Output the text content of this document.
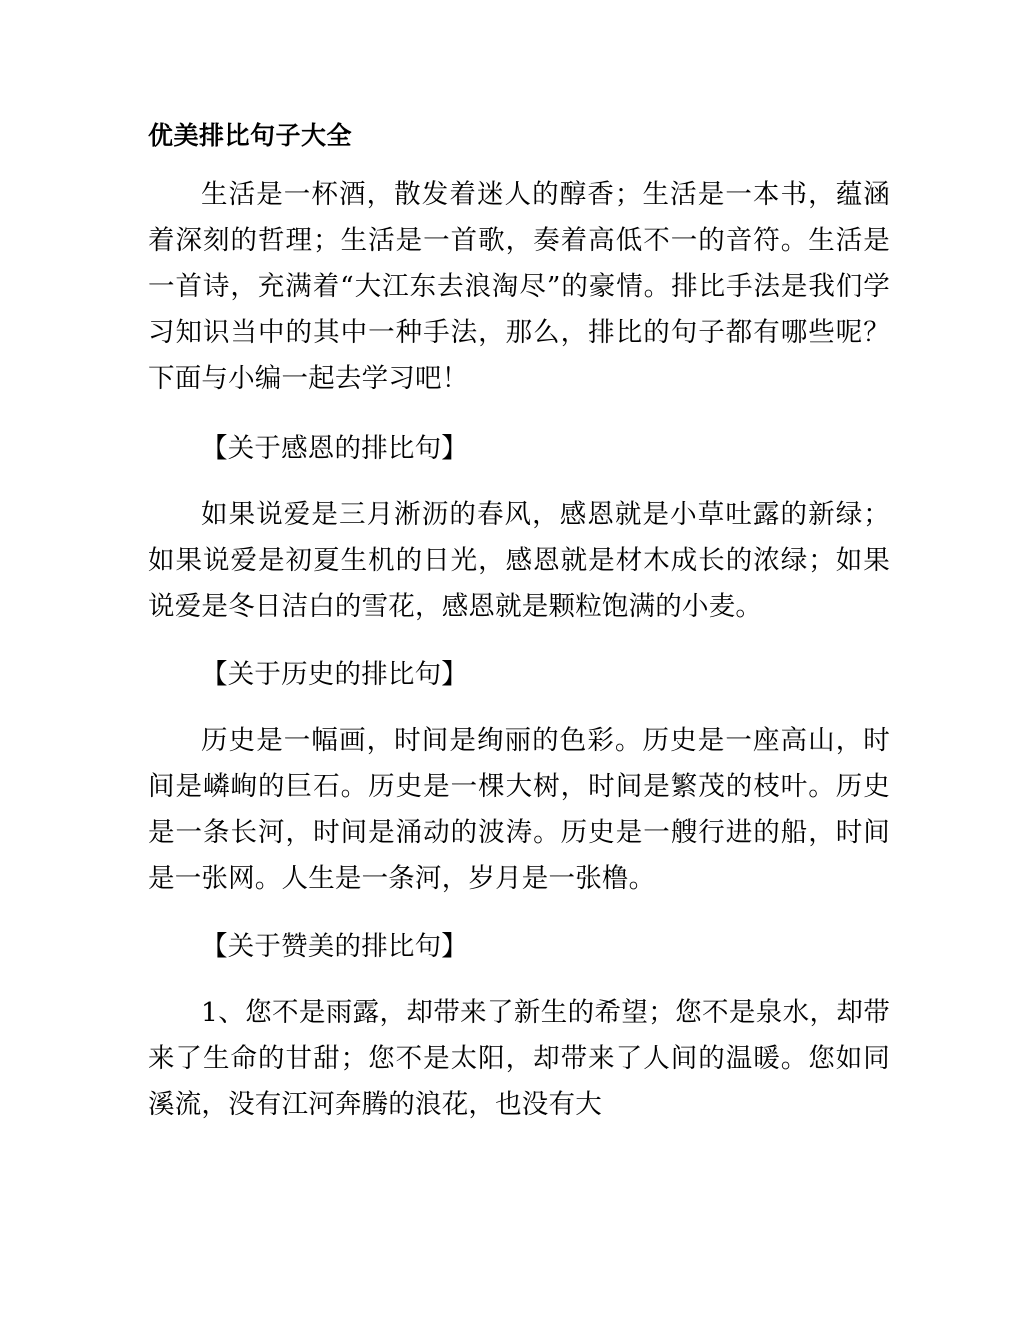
优美排比句子大全

生活是一杯酒，散发着迷人的醇香；生活是一本书，蕴涵着深刻的哲理；生活是一首歌，奏着高低不一的音符。生活是一首诗，充满着“大江东去浪淘尽”的豪情。排比手法是我们学习知识当中的其中一种手法，那么，排比的句子都有哪些呢？下面与小编一起去学习吧！

【关于感恩的排比句】

如果说爱是三月淅沥的春风，感恩就是小草吐露的新绿；如果说爱是初夏生机的日光，感恩就是材木成长的浓绿；如果说爱是冬日洁白的雪花，感恩就是颗粒饱满的小麦。

【关于历史的排比句】

历史是一幅画，时间是绚丽的色彩。历史是一座高山，时间是嶙峋的巨石。历史是一棵大树，时间是繁茂的枝叶。历史是一条长河，时间是涌动的波涛。历史是一艘行进的船，时间是一张网。人生是一条河，岁月是一张橹。

【关于赞美的排比句】

1、您不是雨露，却带来了新生的希望；您不是泉水，却带来了生命的甘甜；您不是太阳，却带来了人间的温暖。您如同溪流，没有江河奔腾的浪花，也没有大
